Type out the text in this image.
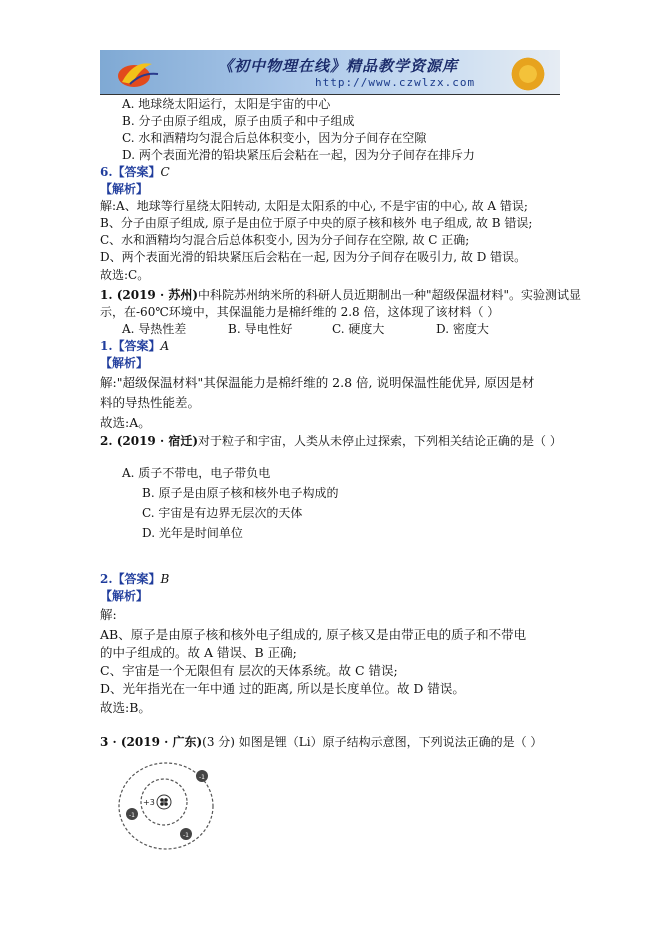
《初中物理在线》精品教学资源库
http://www.czwlzx.com
A. 地球绕太阳运行，太阳是宇宙的中心
B. 分子由原子组成，原子由质子和中子组成
C. 水和酒精均匀混合后总体积变小，因为分子间存在空隙
D. 两个表面光滑的铅块紧压后会粘在一起，因为分子间存在排斥力
6.【答案】C
【解析】
解:A、地球等行星绕太阳转动, 太阳是太阳系的中心, 不是宇宙的中心, 故 A 错误;
B、分子由原子组成, 原子是由位于原子中央的原子核和核外 电子组成, 故 B 错误;
C、水和酒精均匀混合后总体积变小, 因为分子间存在空隙, 故 C 正确;
D、两个表面光滑的铅块紧压后会粘在一起, 因为分子间存在吸引力, 故 D 错误。
故选:C。
1. (2019 · 苏州)中科院苏州纳米所的科研人员近期制出一种"超级保温材料"。实验测试显
示，在-60℃环境中，其保温能力是棉纤维的 2.8 倍，这体现了该材料（ ）
A. 导热性差	B. 导电性好	C. 硬度大	D. 密度大
1.【答案】A
【解析】
解:"超级保温材料"其保温能力是棉纤维的 2.8 倍, 说明保温性能优异, 原因是材
料的导热性能差。
故选:A。
2. (2019 · 宿迁)对于粒子和宇宙，人类从未停止过探索，下列相关结论正确的是（ ）
A. 质子不带电，电子带负电
B. 原子是由原子核和核外电子构成的
C. 宇宙是有边界无层次的天体
D. 光年是时间单位
2.【答案】B
【解析】
解:
AB、原子是由原子核和核外电子组成的, 原子核又是由带正电的质子和不带电
的中子组成的。故 A 错误、B 正确;
C、宇宙是一个无限但有 层次的天体系统。故 C 错误;
D、光年指光在一年中通 过的距离, 所以是长度单位。故 D 错误。
故选:B。
3 · (2019 · 广东)(3 分) 如图是锂（Li）原子结构示意图，下列说法正确的是（ ）
+3
-1
-1
-1
